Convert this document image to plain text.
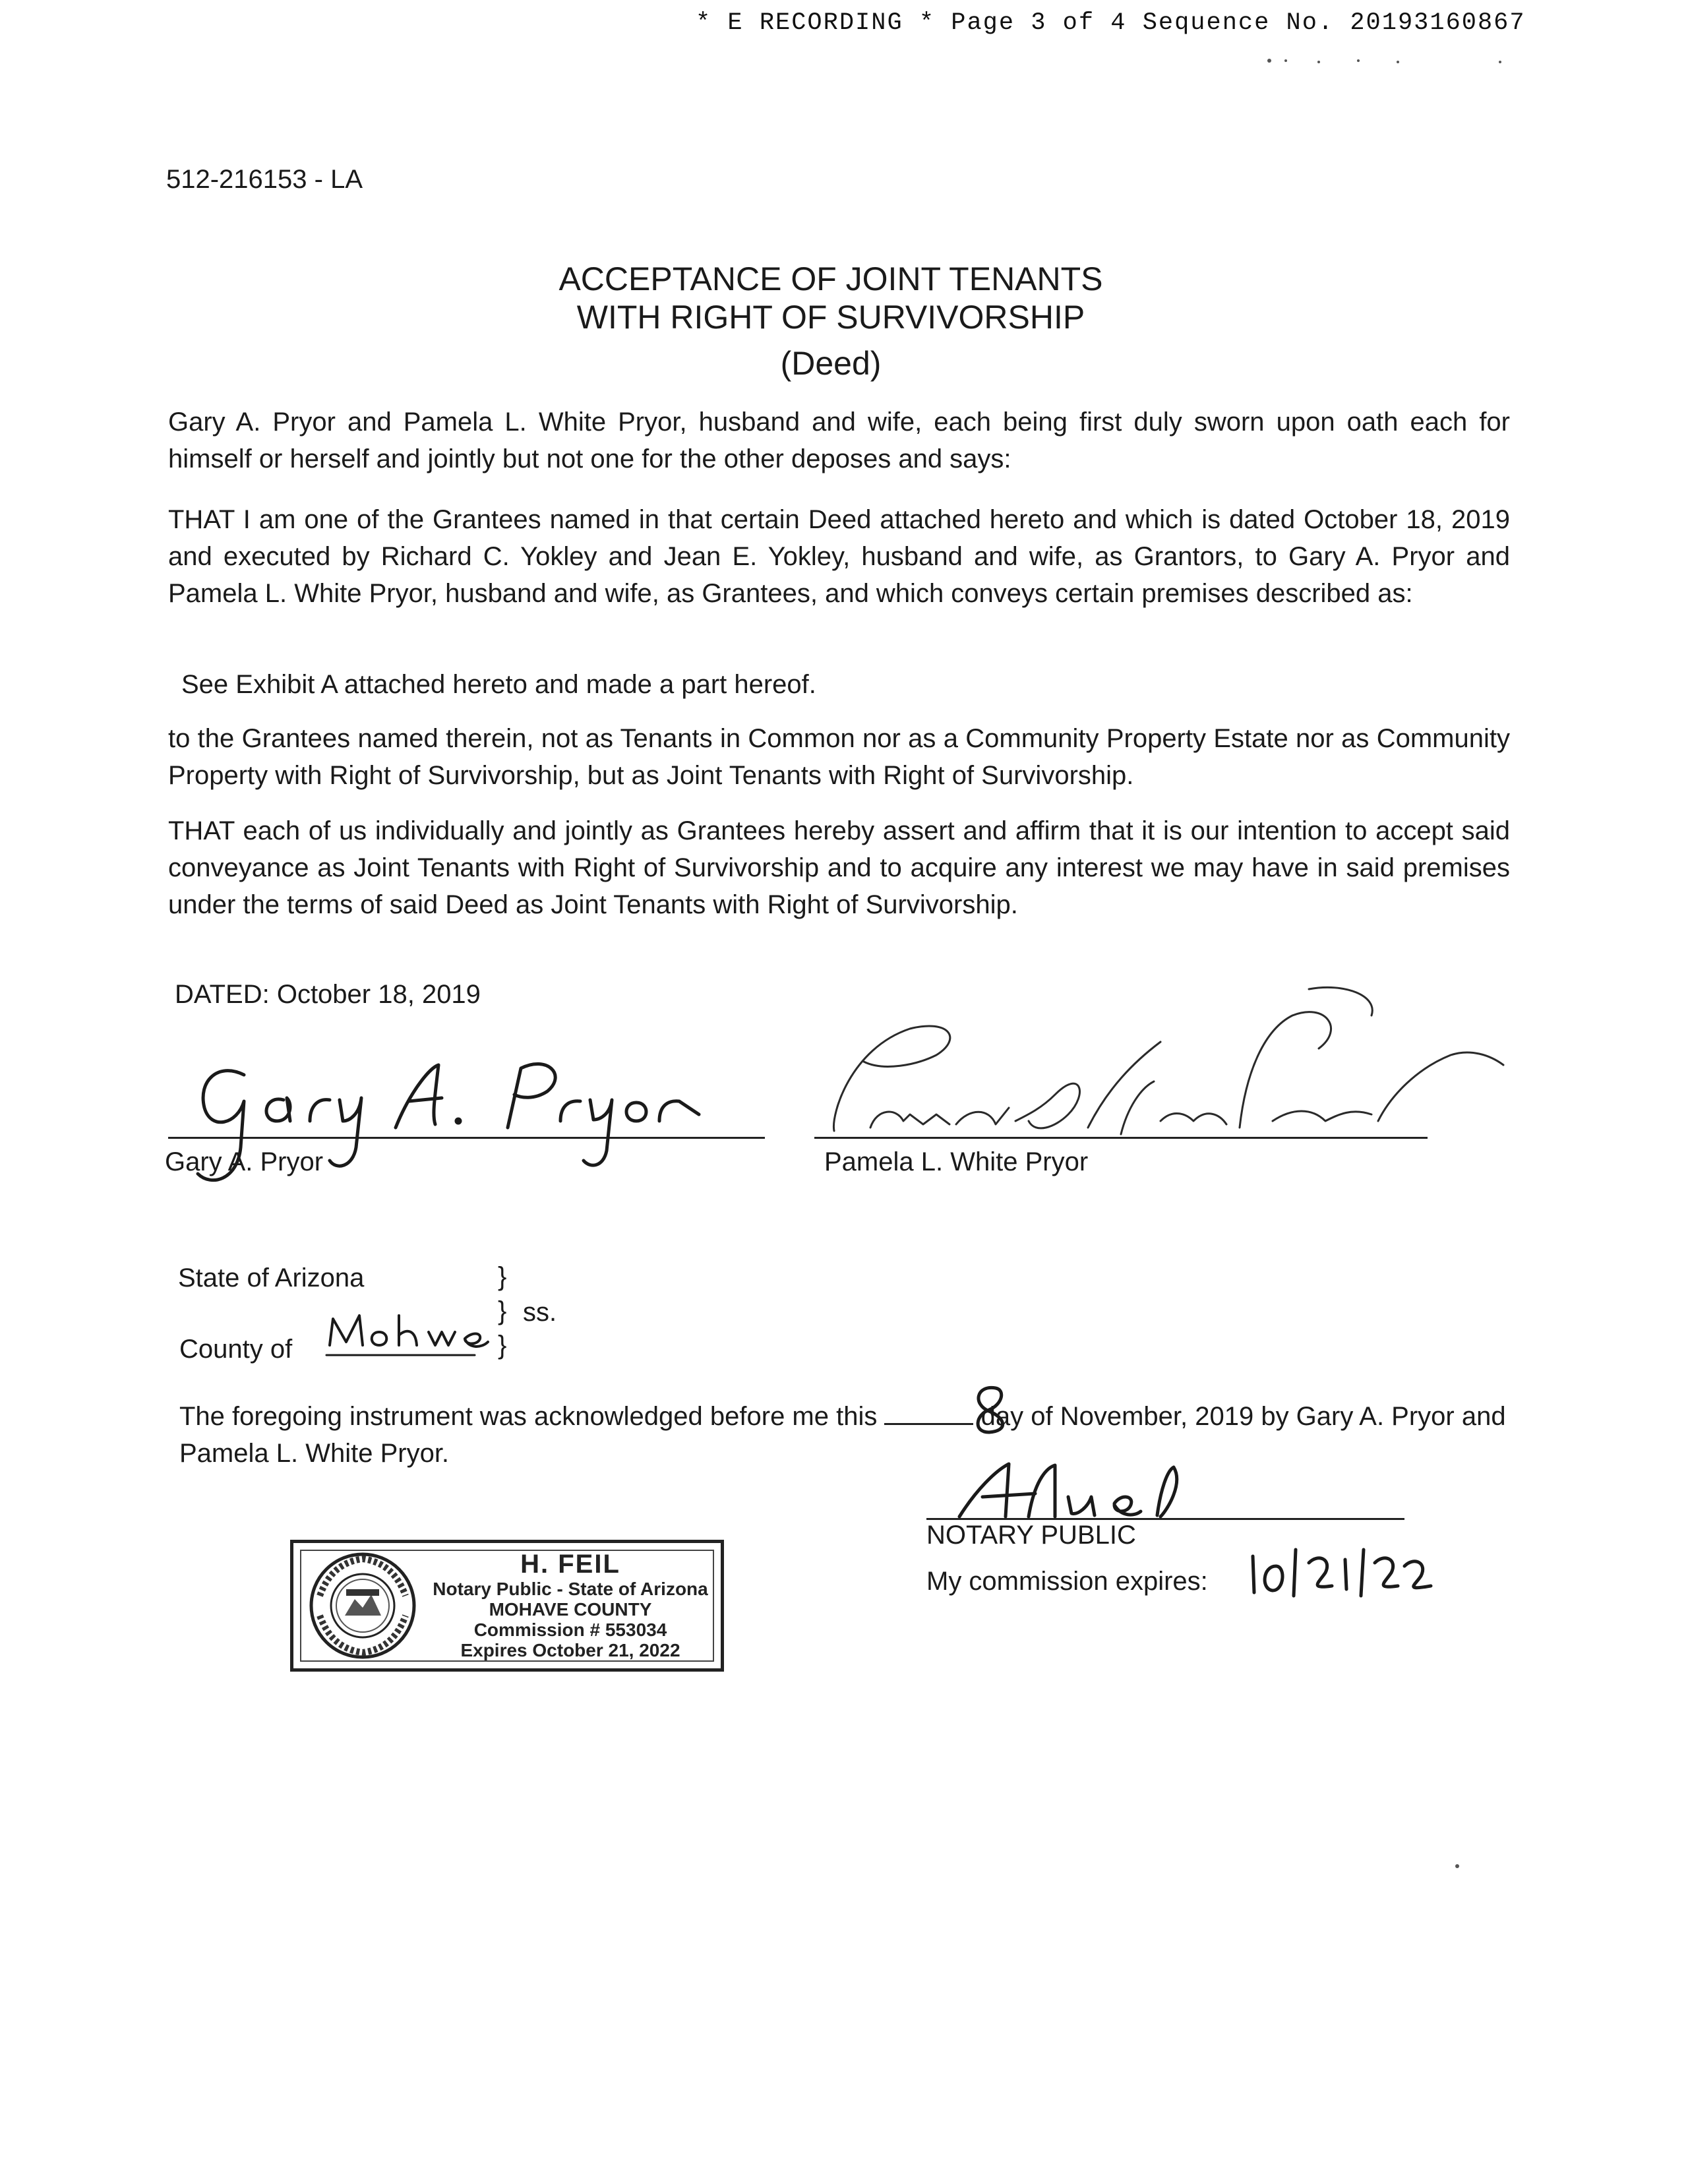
* E RECORDING * Page 3 of 4 Sequence No. 20193160867
512-216153 - LA
ACCEPTANCE OF JOINT TENANTS
WITH RIGHT OF SURVIVORSHIP
(Deed)
Gary A. Pryor and Pamela L. White Pryor, husband and wife, each being first duly sworn upon oath each for himself or herself and jointly but not one for the other deposes and says:
THAT I am one of the Grantees named in that certain Deed attached hereto and which is dated October 18, 2019 and executed by Richard C. Yokley and Jean E. Yokley, husband and wife, as Grantors, to Gary A. Pryor and Pamela L. White Pryor, husband and wife, as Grantees, and which conveys certain premises described as:
See Exhibit A attached hereto and made a part hereof.
to the Grantees named therein, not as Tenants in Common nor as a Community Property Estate nor as Community Property with Right of Survivorship, but as Joint Tenants with Right of Survivorship.
THAT each of us individually and jointly as Grantees hereby assert and affirm that it is our intention to accept said conveyance as Joint Tenants with Right of Survivorship and to acquire any interest we may have in said premises under the terms of said Deed as Joint Tenants with Right of Survivorship.
DATED: October 18, 2019
Gary A. Pryor	Pamela L. White Pryor
State of Arizona
County of
}
}
}
ss.
The foregoing instrument was acknowledged before me this	day of November, 2019 by Gary A. Pryor and Pamela L. White Pryor.
NOTARY PUBLIC
My commission expires:
H. FEIL
Notary Public - State of Arizona
MOHAVE COUNTY
Commission # 553034
Expires October 21, 2022
